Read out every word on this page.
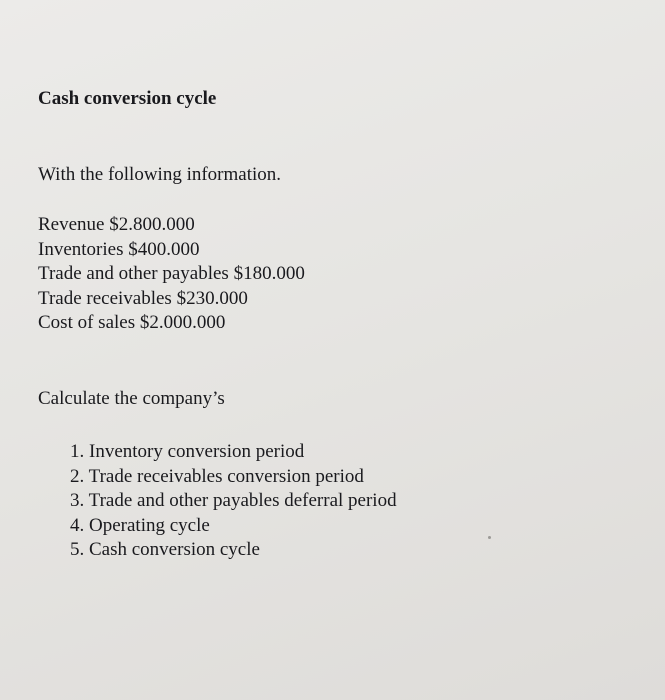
Cash conversion cycle

With the following information.

Revenue $2.800.000
Inventories $400.000
Trade and other payables $180.000
Trade receivables $230.000
Cost of sales $2.000.000

Calculate the company’s

1. Inventory conversion period
2. Trade receivables conversion period
3. Trade and other payables deferral period
4. Operating cycle
5. Cash conversion cycle
